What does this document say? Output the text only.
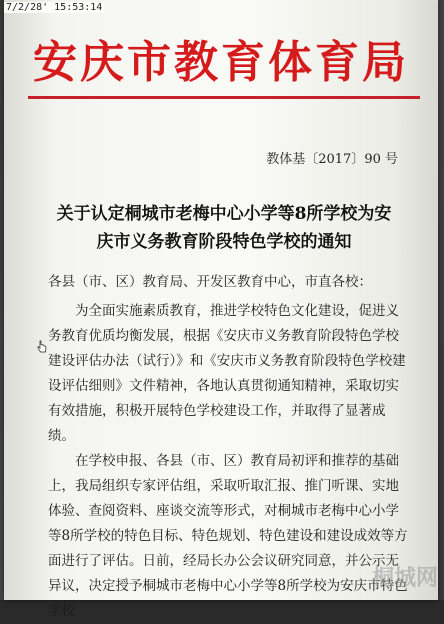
7/2/28' 15:53:14
安庆市教育体育局
教体基〔2017〕90 号
关于认定桐城市老梅中心小学等8所学校为安
庆市义务教育阶段特色学校的通知

各县（市、区）教育局、开发区教育中心，市直各校：

为全面实施素质教育，推进学校特色文化建设，促进义务教育优质均衡发展，根据《安庆市义务教育阶段特色学校建设评估办法（试行）》和《安庆市义务教育阶段特色学校建设评估细则》文件精神，各地认真贯彻通知精神，采取切实有效措施，积极开展特色学校建设工作，并取得了显著成绩。

在学校申报、各县（市、区）教育局初评和推荐的基础上，我局组织专家评估组，采取听取汇报、推门听课、实地体验、查阅资料、座谈交流等形式，对桐城市老梅中心小学等8所学校的特色目标、特色规划、特色建设和建设成效等方面进行了评估。日前，经局长办公会议研究同意，并公示无异议，决定授予桐城市老梅中心小学等8所学校为安庆市特色学校

桐城网
